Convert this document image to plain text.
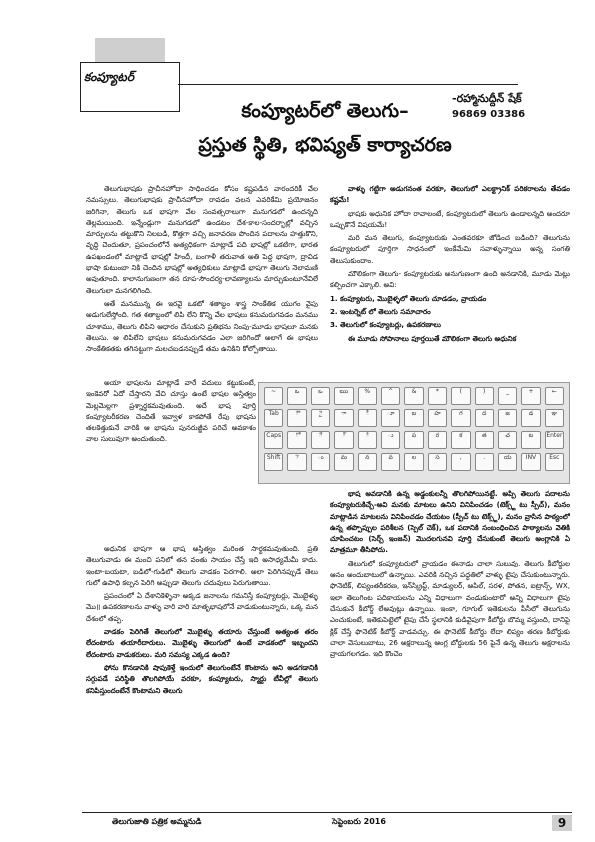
కంప్యూటర్
కంప్యూటర్‌లో తెలుగు–
ప్రస్తుత స్థితి, భవిష్యత్ కార్యాచరణ
-రహ్మానుద్దీన్ షేక్
96869 03386

తెలుగుభాషకు ప్రాచీనహోదా సాధించడం కోసం కష్టపడిన వారందరికీ వేల నమస్సులు. తెలుగుభాషకు ప్రాచీనహోదా రావడం వలన ఎవరికేమి ప్రయోజనం జరిగినా, తెలుగు ఒక భాషగా వేల సంవత్సరాలుగా మనుగడలో ఉందన్నది తెల్లమయింది. ఇన్నేండ్లుగా మనుగడలో ఉండటం దేశ-కాల-సందర్భాల్లో వచ్చిన మార్పులను తట్టుకొని నిలబడి, కొత్తగా వచ్చి జనావరణ పొందిన పదాలను హత్తుకొని, వృద్ధి చెందుతూ, ప్రపంచంలోనే అత్యధికంగా మాట్లాడే పది భాషల్లో ఒకటిగా, భారత ఉపఖండంలో మాట్లాడే భాషల్లో హిందీ, బంగాళీ తరువాత అతి పెద్ద భాషగా, ద్రావిడ భాషా కుటుంబా నికి చెందిన భాషల్లో అత్యధికులు మాట్లాడే భాషగా తెలుగు నెలామణి అవుతూంది. కాలానుగుణంగా తన రూప-సౌందర్య-లావణ్యాలను మార్చుకుంటూనేవిలే తెలుగులా మనగలిగింది.

ఆతే మనమున్న ఈ ఇరవై ఒకటో శతాబ్దం శాస్త్ర సాంకేతిక యుగం వైపు అడుగులేస్తోంది. గత శతాబ్దంలో లిపి లేని కొన్ని వేల భాషలు కనుమరుగవడం మనము చూశాము, తెలుగు లిపిని ఆధారం చేసుకుని ప్రతిభను నింపు-మూడు భాషలూ మనకు తెలుసు. ఆ లిపిలేని భాషలు కనుమరుగవడం ఎలా జరిగిందో అలాగే ఈ భాషలు సాంకేతికతకు తగినట్టుగా మలచబడనప్పుడే తమ ఉనికిని కోల్పోతాయి.

వాళ్ళు గట్టిగా అడుగనంత వరకూ, తెలుగులో ఎలక్ట్రానిక్ పరికరాలను తేవడం కష్టమే!

భాషకు అధునిక హోదా రావాలంటే, కంప్యూటరులో తెలుగు ఉండాలన్నది అందరూ ఒప్పుకొనే విషయమే!

మరి మన తెలుగు, కంప్యూటరుకు ఎంతవరకూ జోడించ బడింది? తెలుగును కంప్యూటరులో పూర్తిగా సాధనంలో ఇంకేమేమి సవాళ్ళున్నాయి అన్న సంగతి తెలుసుకుందాం.

మౌలికంగా తెలుగు- కంప్యూటరుకు అనుగుణంగా ఉంది అనడానికి, మూడు మెట్లు కల్పించగా ఎక్కాలి. అవి:

1. కంప్యూటరు, మొబైళ్ళలో తెలుగు చూడడం, వ్రాయడం

2. ఇంటర్నెట్ లో తెలుగు సమాచారం

3. తెలుగులో కంప్యూటర్లు, ఉపకరణాలు

ఈ మూడు సోపానాలు పూర్తయితే మౌలికంగా తెలుగు అధునిక

అయా భాషలను మాట్లాడే వారే వదులు కట్టుకుంటే, ఇంకెవరో ఏదో చేస్తారని వేచి చూస్తు ఉంటే భాషల అస్తిత్వం మెల్లమెల్లగా ప్రశ్నార్థకమవుతుంది. అదే భాష పూర్తి కంప్యూటరీకరణ చెందితే ఇవ్వాళ కాకపోతే రేపు భాషను తలకెత్తుకునే వారికి ఆ భాషను పునరుజ్జీవ పరిచే అవకాశం వాల సులువుగా అందుతుంది.

~	ఒ	ఒ	ఋ	%	^	&	*	(	)	_	+	←
Tab	ౌ	ై	ా	ీ	ూ	బ	హ	గ	ద	జ	డ	ఞ
Caps	ో	ే	్	ి	ు	ప	ర	క	త	చ	ట	Enter
Shift	ె	ం	మ	న	వ	ల	స	,	.	య	INV	Esc

అధునిక భాషగా ఆ భాష అస్తిత్వం మరింత సార్థకమవుతుంది. ప్రతి తెలుగువాడు ఈ మంచి పనిలో తన వంతు సాయం చేస్తే ఇది అసాధ్యమేమీ కాదు. ఇంటా-బయటా, బడిలో-గుడిలో తెలుగు వాడకం పెరగాలి. అలా పెరిగినప్పుడే తెలు గులో ఉపాధి కల్పన పెరిగి అప్పుడా తెలుగు చదువులు పెరుగుతాయి.

ప్రపంచంలో ఏ దేశానికెళ్ళినా అక్కడ జనాలను గమనిస్తే కంప్యూటర్లు, మొబైళ్ళు మొ॥ ఉపకరణాలను వాళ్ళు వారి వారి మాతృభాషలోనే వాడుకుంటున్నారు, ఒక్క మన దేశంలో తప్ప.

వాడకం పెరిగితే తెలుగులో మొబైళ్ళు తయారు చేస్తుంటే అత్యంత తరం లేదంటారు తయారీదారులు. మొబైళ్ళు తెలుగులో ఉంటే వాడకంలో ఇబ్బందని లేదంటారు వాడుకరులు. మరి సమస్య ఎక్కడ ఉంది?

ఫోను కొనడానికి షాపుకెళ్తే ఇందులో తెలుగుంటేనే కొంటాను అని అడగడానికి సగ్గుపడే పరిస్థితి తొలగిపోయే వరకూ, కంప్యూటరు, స్మార్టు టీవీల్లో తెలుగు కనిపిస్తుందంటేనే కొంటామని తెలుగు

భాష అవడానికి ఉన్న అడ్డంకులన్నీ తొలగిపోయినట్టే. అప్పి తెలుగు పదాలను కంప్యూటరుకిచ్చే-అవి మనకు మాటలు ఉనిని వినిపించడం (టెక్స్ట్ టు స్పీచ్), మనం మాట్లాడిన మాటలను వినిపించడం చేయటం (స్పీచ్ టు టెక్స్ట్), మనం వ్రాసిన పాఠ్యంలో ఉన్న తప్పొప్పుల పరిశీలన (స్పెల్ చెక్), ఒక పదానికి సంబంధించిన పాఠ్యాలను వెతికి చూపించటం (సెర్చ్ ఇంజన్) మొదలగునవి పూర్తి చేసుకుంటే తెలుగు అంగ్లానికి ఏ మాత్రమూ తీసిపోదు.

తెలుగులో కంప్యూటరులో వ్రాయడం ఈనాడు చాలా సులువు. తెలుగు కీబోర్డుల ఆనం అందుబాటులో ఉన్నాయి. ఎవరికి నచ్చిన పద్ధతిలో వాళ్ళు టైపు చేసుకుంటున్నారు. ఫొనెటిక్, లిప్యంతరీకరణ, ఇన్‌స్క్రిప్ట్, మాడ్యులర్, ఆపిల్, సరళ, పోతన, ఐట్రాన్స్, WX, ఇలా తెలుగింట పదికాయలను ఎన్ని విధాలుగా వండుకుంటారో అన్ని విధాలుగా టైపు చేసుకునే కీబోర్డ్ లేఅవుట్లు ఉన్నాయి. ఇంకా, గూగుల్ ఇతెకులను పీసీలో తెలుగును ఎంచుకుంటే, ఇతెకుపెట్టెలో టైపు చేసే స్థలానికి కుడివైపుగా కీబోర్డు బొమ్మ వస్తుంది, దానిపై క్లిక్ చేస్తే ఫొనెటిక్ కీబోర్డ్ వాడవచ్చు. ఈ ఫొనెటిక్ కీబోర్డు లేదా లిప్యం తరణ కీబోర్డుకు చాలా వెసులుబాటు, 26 అక్షరాలున్న ఆంగ్ల బోర్డులకు 56 పైనే ఉన్న తెలుగు అక్షరాలను వ్రాయగలగడం. ఇది కొంచెం

తెలుగుజాతి పత్రిక అమ్మనుడి	సెప్టెంబరు 2016	9
